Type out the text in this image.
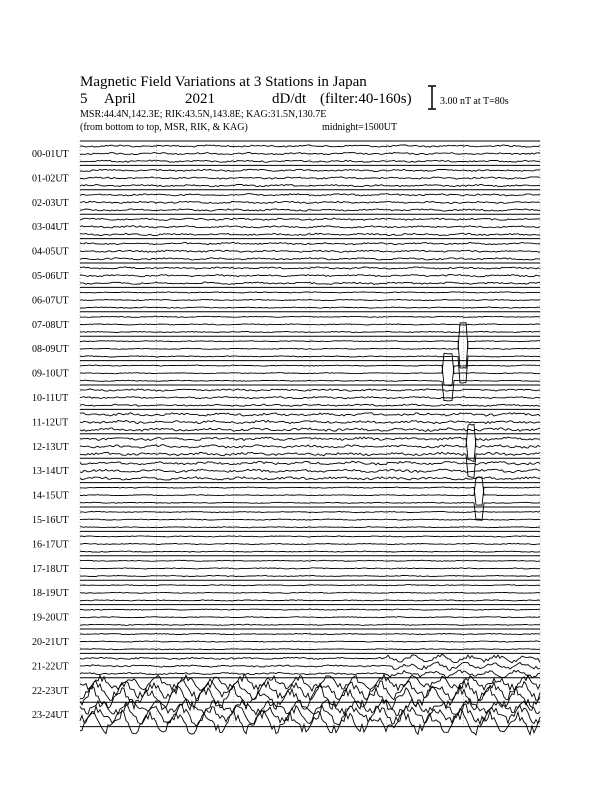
Magnetic Field Variations at 3 Stations in Japan
5 April	2021	dD/dt (filter:40-160s)
MSR:44.4N,142.3E; RIK:43.5N,143.8E; KAG:31.5N,130.7E
(from bottom to top, MSR, RIK, & KAG)	midnight=1500UT
3.00 nT at T=80s
00-01UT
01-02UT
02-03UT
03-04UT
04-05UT
05-06UT
06-07UT
07-08UT
08-09UT
09-10UT
10-11UT
11-12UT
12-13UT
13-14UT
14-15UT
15-16UT
16-17UT
17-18UT
18-19UT
19-20UT
20-21UT
21-22UT
22-23UT
23-24UT
